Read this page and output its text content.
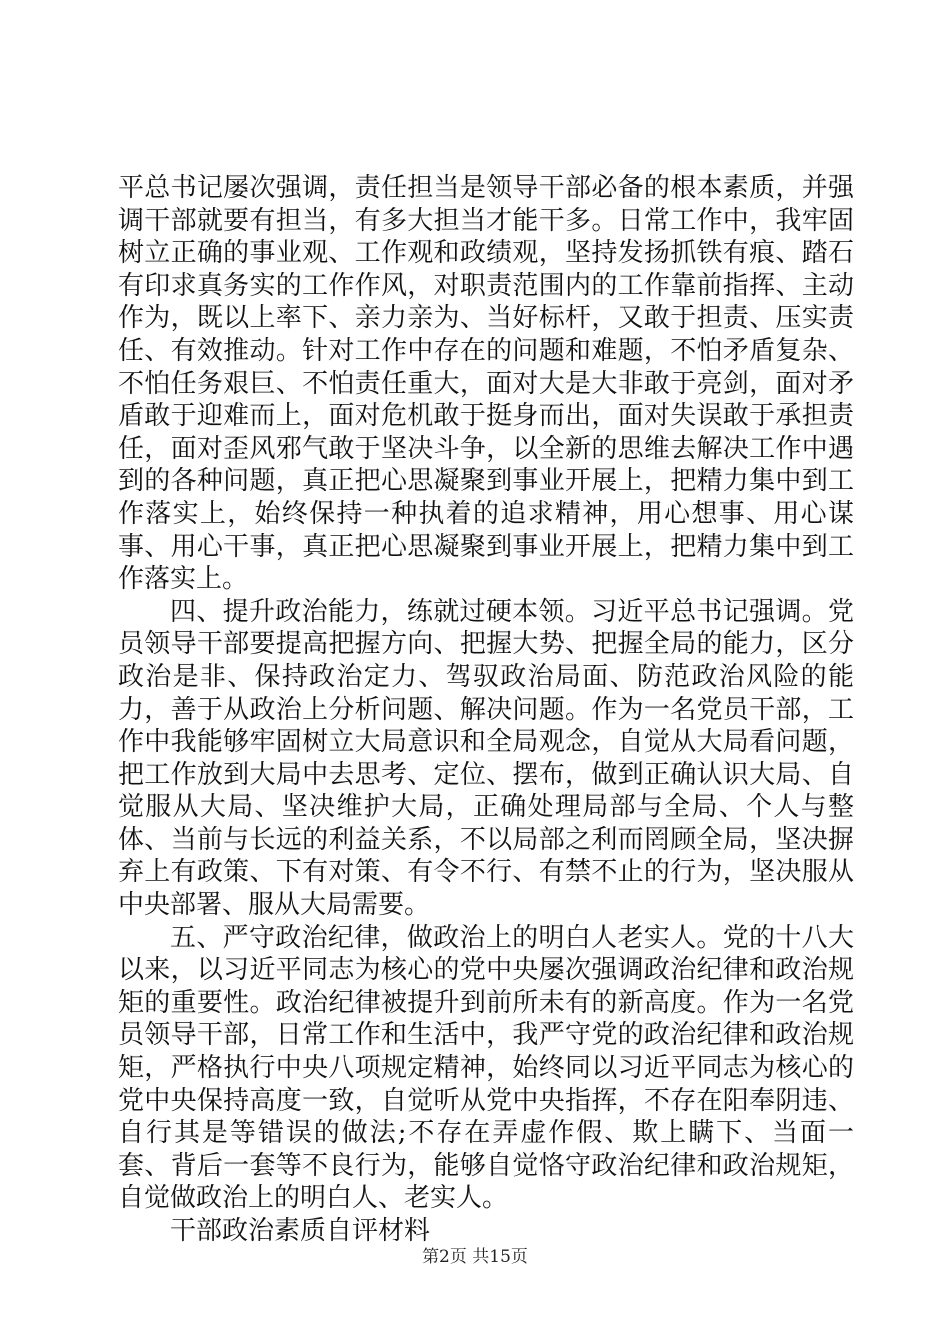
平总书记屡次强调，责任担当是领导干部必备的根本素质，并强调干部就要有担当，有多大担当才能干多。日常工作中，我牢固树立正确的事业观、工作观和政绩观，坚持发扬抓铁有痕、踏石有印求真务实的工作作风，对职责范围内的工作靠前指挥、主动作为，既以上率下、亲力亲为、当好标杆，又敢于担责、压实责任、有效推动。针对工作中存在的问题和难题，不怕矛盾复杂、不怕任务艰巨、不怕责任重大，面对大是大非敢于亮剑，面对矛盾敢于迎难而上，面对危机敢于挺身而出，面对失误敢于承担责任，面对歪风邪气敢于坚决斗争，以全新的思维去解决工作中遇到的各种问题，真正把心思凝聚到事业开展上，把精力集中到工作落实上，始终保持一种执着的追求精神，用心想事、用心谋事、用心干事，真正把心思凝聚到事业开展上，把精力集中到工作落实上。

四、提升政治能力，练就过硬本领。习近平总书记强调。党员领导干部要提高把握方向、把握大势、把握全局的能力，区分政治是非、保持政治定力、驾驭政治局面、防范政治风险的能力，善于从政治上分析问题、解决问题。作为一名党员干部，工作中我能够牢固树立大局意识和全局观念，自觉从大局看问题，把工作放到大局中去思考、定位、摆布，做到正确认识大局、自觉服从大局、坚决维护大局，正确处理局部与全局、个人与整体、当前与长远的利益关系，不以局部之利而罔顾全局，坚决摒弃上有政策、下有对策、有令不行、有禁不止的行为，坚决服从中央部署、服从大局需要。

五、严守政治纪律，做政治上的明白人老实人。党的十八大以来，以习近平同志为核心的党中央屡次强调政治纪律和政治规矩的重要性。政治纪律被提升到前所未有的新高度。作为一名党员领导干部，日常工作和生活中，我严守党的政治纪律和政治规矩，严格执行中央八项规定精神，始终同以习近平同志为核心的党中央保持高度一致，自觉听从党中央指挥，不存在阳奉阴违、自行其是等错误的做法;不存在弄虚作假、欺上瞒下、当面一套、背后一套等不良行为，能够自觉恪守政治纪律和政治规矩，自觉做政治上的明白人、老实人。

干部政治素质自评材料

第2页 共15页
